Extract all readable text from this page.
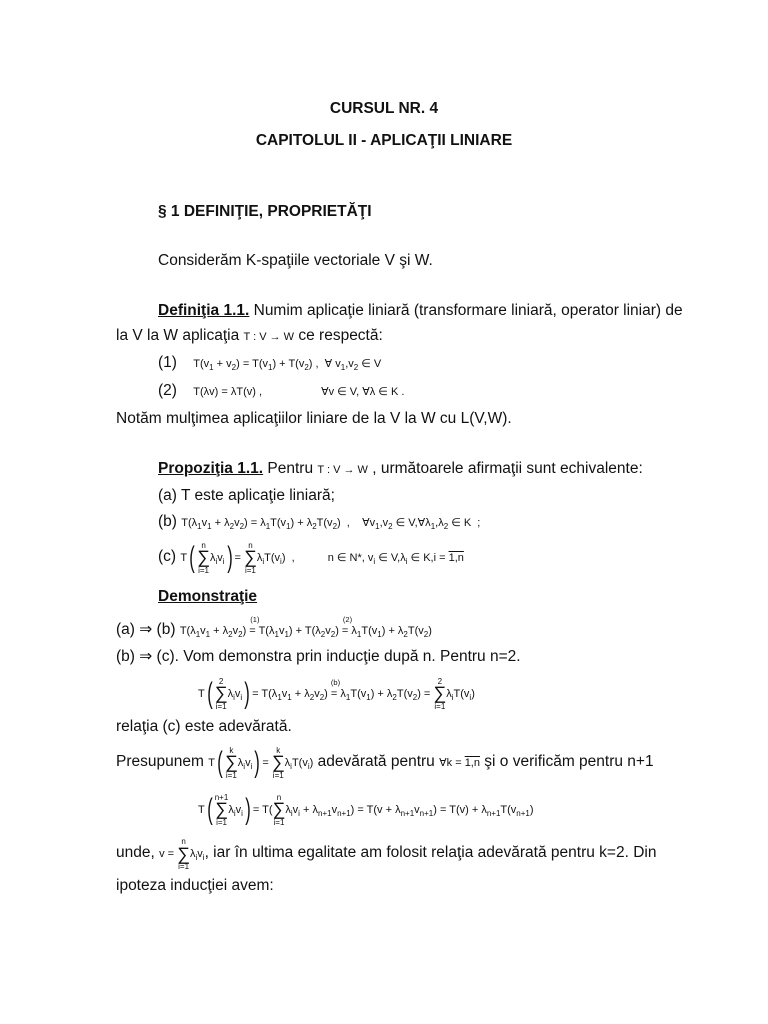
CURSUL NR. 4
CAPITOLUL II - APLICAŢII LINIARE
§ 1 DEFINIŢIE, PROPRIETĂŢI
Considerăm K-spaţiile vectoriale V şi W.
Definiţia 1.1. Numim aplicaţie liniară (transformare liniară, operator liniar) de
la V la W aplicaţia T : V → W ce respectă:
(1) $T(v_1 + v_2) = T(v_1) + T(v_2)$ ,  ∀ $v_1,v_2$ ∈ V
(2) T(λv) = λT(v) ,	∀v ∈ V, ∀λ ∈ K .
Notăm mulţimea aplicaţiilor liniare de la V la W cu L(V,W).
Propoziţia 1.1. Pentru T : V → W , următoarele afirmaţii sunt echivalente:
(a) T este aplicaţie liniară;
(b) $T(\lambda_1v_1 + \lambda_2v_2) = \lambda_1T(v_1) + \lambda_2T(v_2)$  ,    $\forall v_1,v_2$ ∈ $V,\forall\lambda_1,\lambda_2$ ∈ K  ;
(c) T( n
∑
$i=1\lambda_iv_i) = n$
∑
$i=1\lambda_iT(v_i)$  ,	n ∈ N*, $v_i$ ∈ $V,\lambda_i$ ∈ K,i = 1,n
Demonstraţie
(a) ⇒ (b) $T(\lambda_1v_1 + \lambda_2v_2)$ =
(1)
$T(\lambda_1v_1) + T(\lambda_2v_2)$ =
(2)
$\lambda_1T(v_1) + \lambda_2T(v_2)$
(b) ⇒ (c). Vom demonstra prin inducţie după n. Pentru n=2.
T( 2
∑
$i=1\lambda_iv_i) = T(\lambda_1v_1 + \lambda_2v_2)$ =
(b)
$\lambda_1T(v_1) + \lambda_2T(v_2) = 2$
∑
$i=1\lambda_iT(v_i)$
relaţia (c) este adevărată.
Presupunem T( k
∑
$i=1\lambda_iv_i) = k$
∑
$i=1\lambda_iT(v_i)$ adevărată pentru ∀k = 1,n şi o verificăm pentru n+1
T( n+1
∑
$i=1\lambda_iv_i) = T(n$
∑
$i=1\lambda_iv_i + \lambda_{n+1}v_{n+1}) = T(v + \lambda_{n+1}v_{n+1}) = T(v) + \lambda_{n+1}T(v_{n+1})$
unde, v = n
∑
$i=1\lambda_iv_i$, iar în ultima egalitate am folosit relaţia adevărată pentru k=2. Din
ipoteza inducţiei avem:
